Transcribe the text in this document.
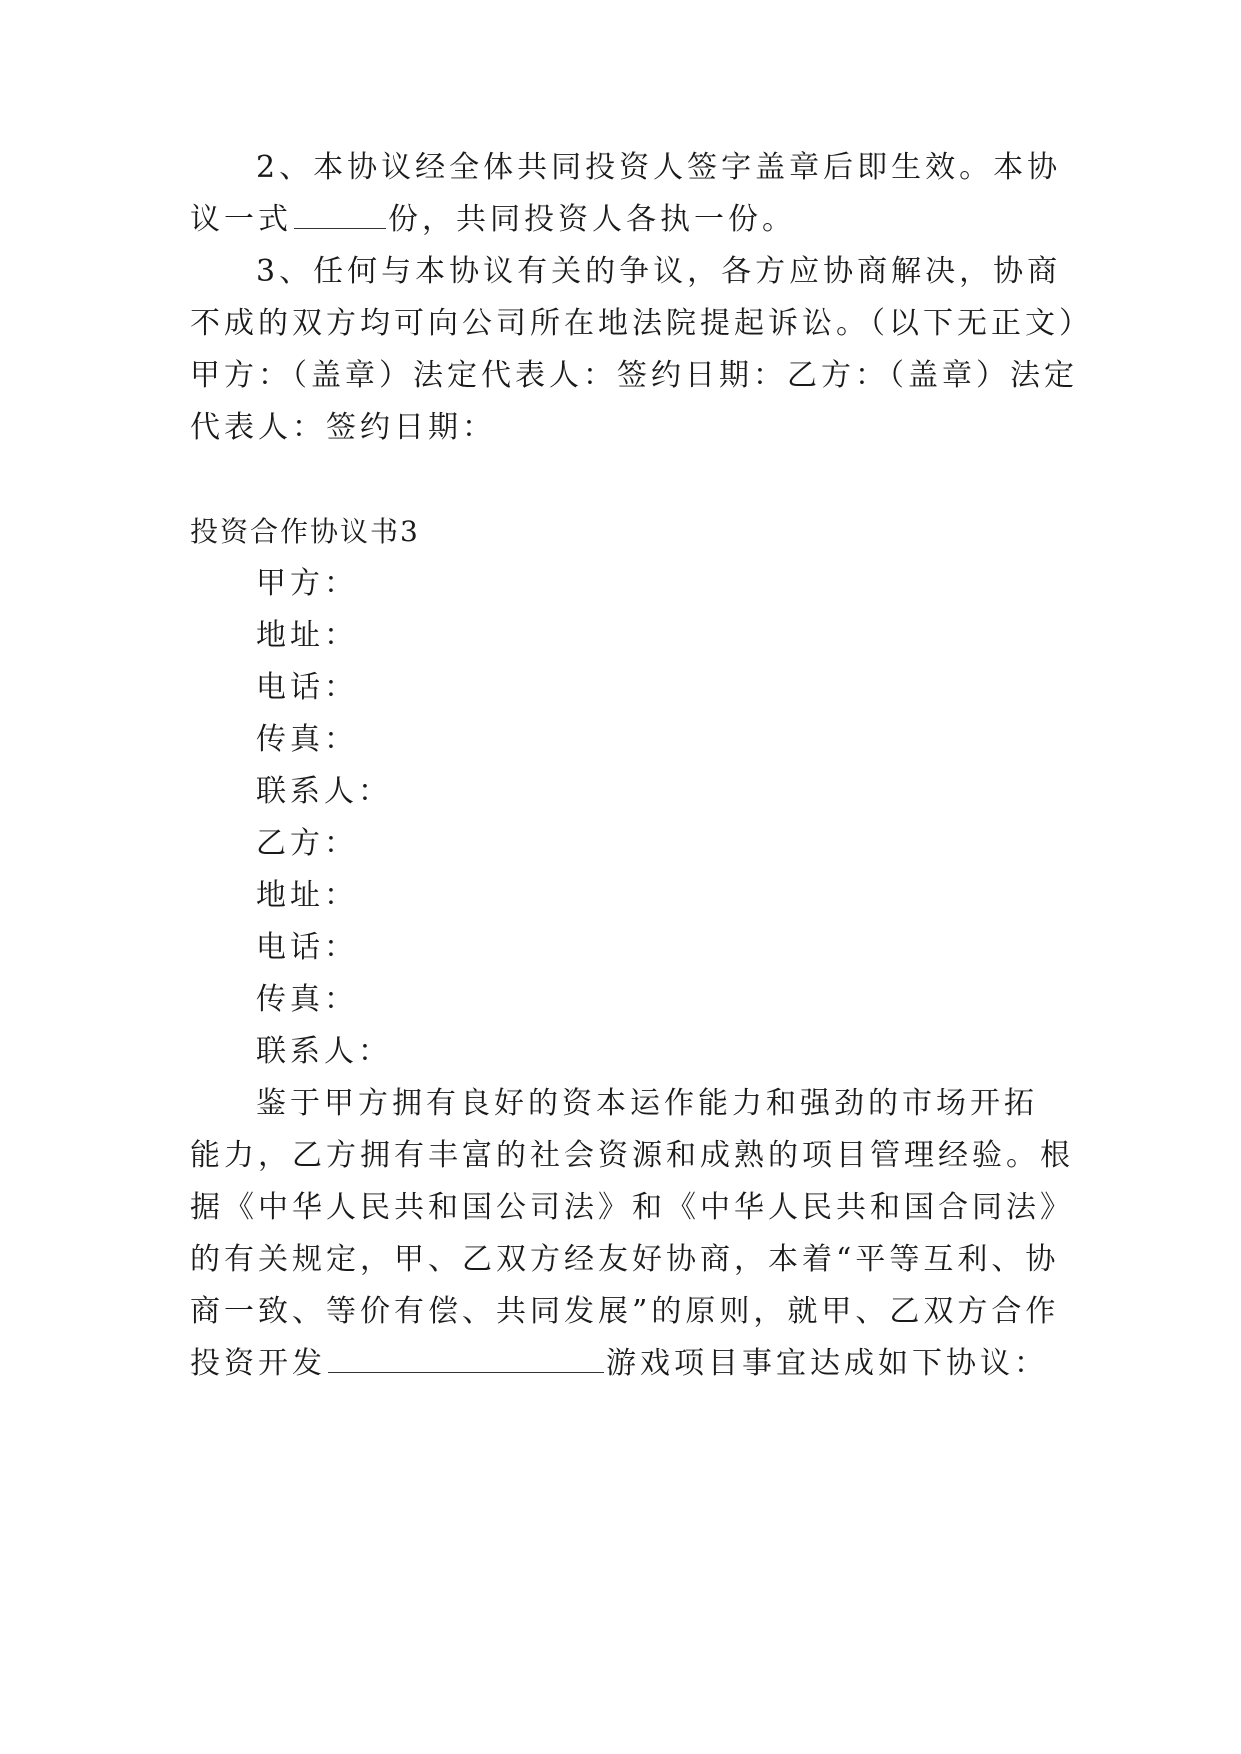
2、本协议经全体共同投资人签字盖章后即生效。本协
议一式	份，共同投资人各执一份。
3、任何与本协议有关的争议，各方应协商解决，协商
不成的双方均可向公司所在地法院提起诉讼。（以下无正文）
甲方：（盖章）法定代表人：签约日期：乙方：（盖章）法定
代表人：签约日期：
投资合作协议书3
甲方：
地址：
电话：
传真：
联系人：
乙方：
地址：
电话：
传真：
联系人：
鉴于甲方拥有良好的资本运作能力和强劲的市场开拓
能力，乙方拥有丰富的社会资源和成熟的项目管理经验。根
据《中华人民共和国公司法》和《中华人民共和国合同法》
的有关规定，甲、乙双方经友好协商，本着“平等互利、协
商一致、等价有偿、共同发展”的原则，就甲、乙双方合作
投资开发	游戏项目事宜达成如下协议：
